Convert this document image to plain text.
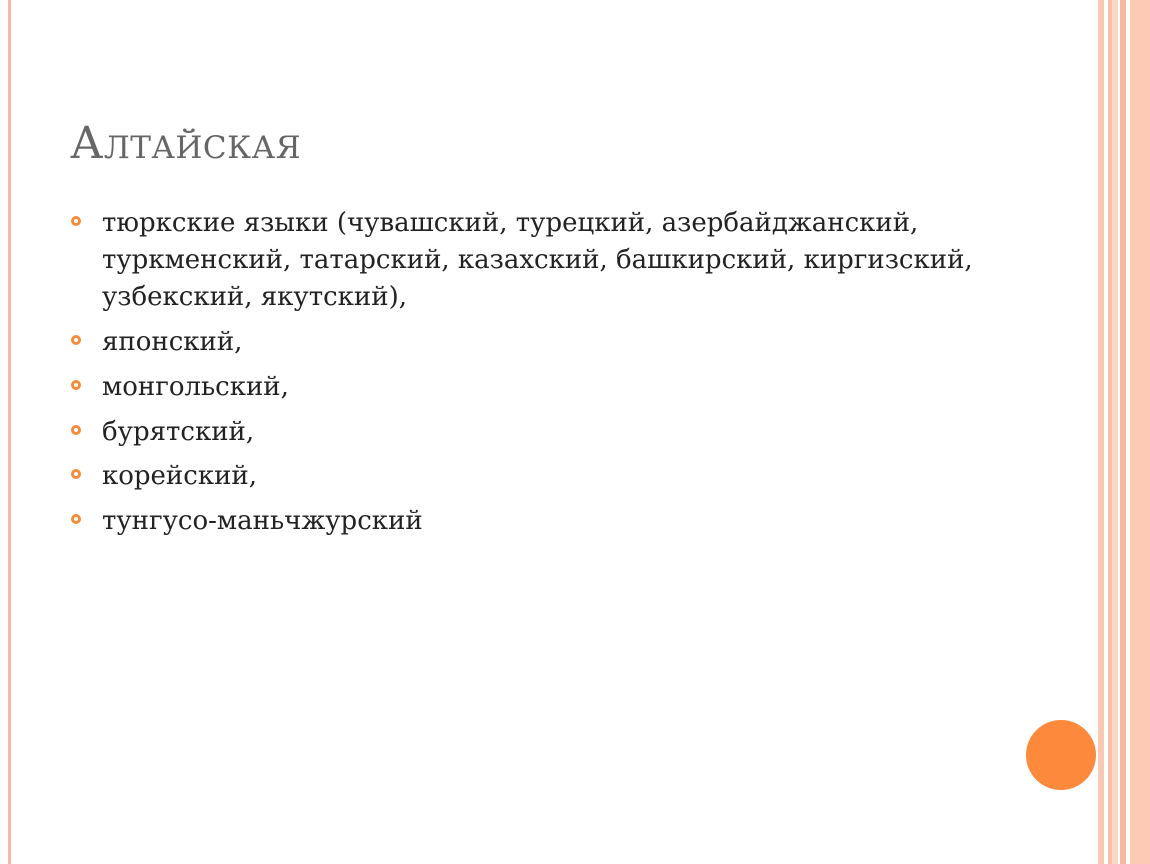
Алтайская
тюркские языки (чувашский, турецкий, азербайджанский, туркменский, татарский, казахский, башкирский, киргизский, узбекский, якутский),
японский,
монгольский,
бурятский,
корейский,
тунгусо-маньчжурский
